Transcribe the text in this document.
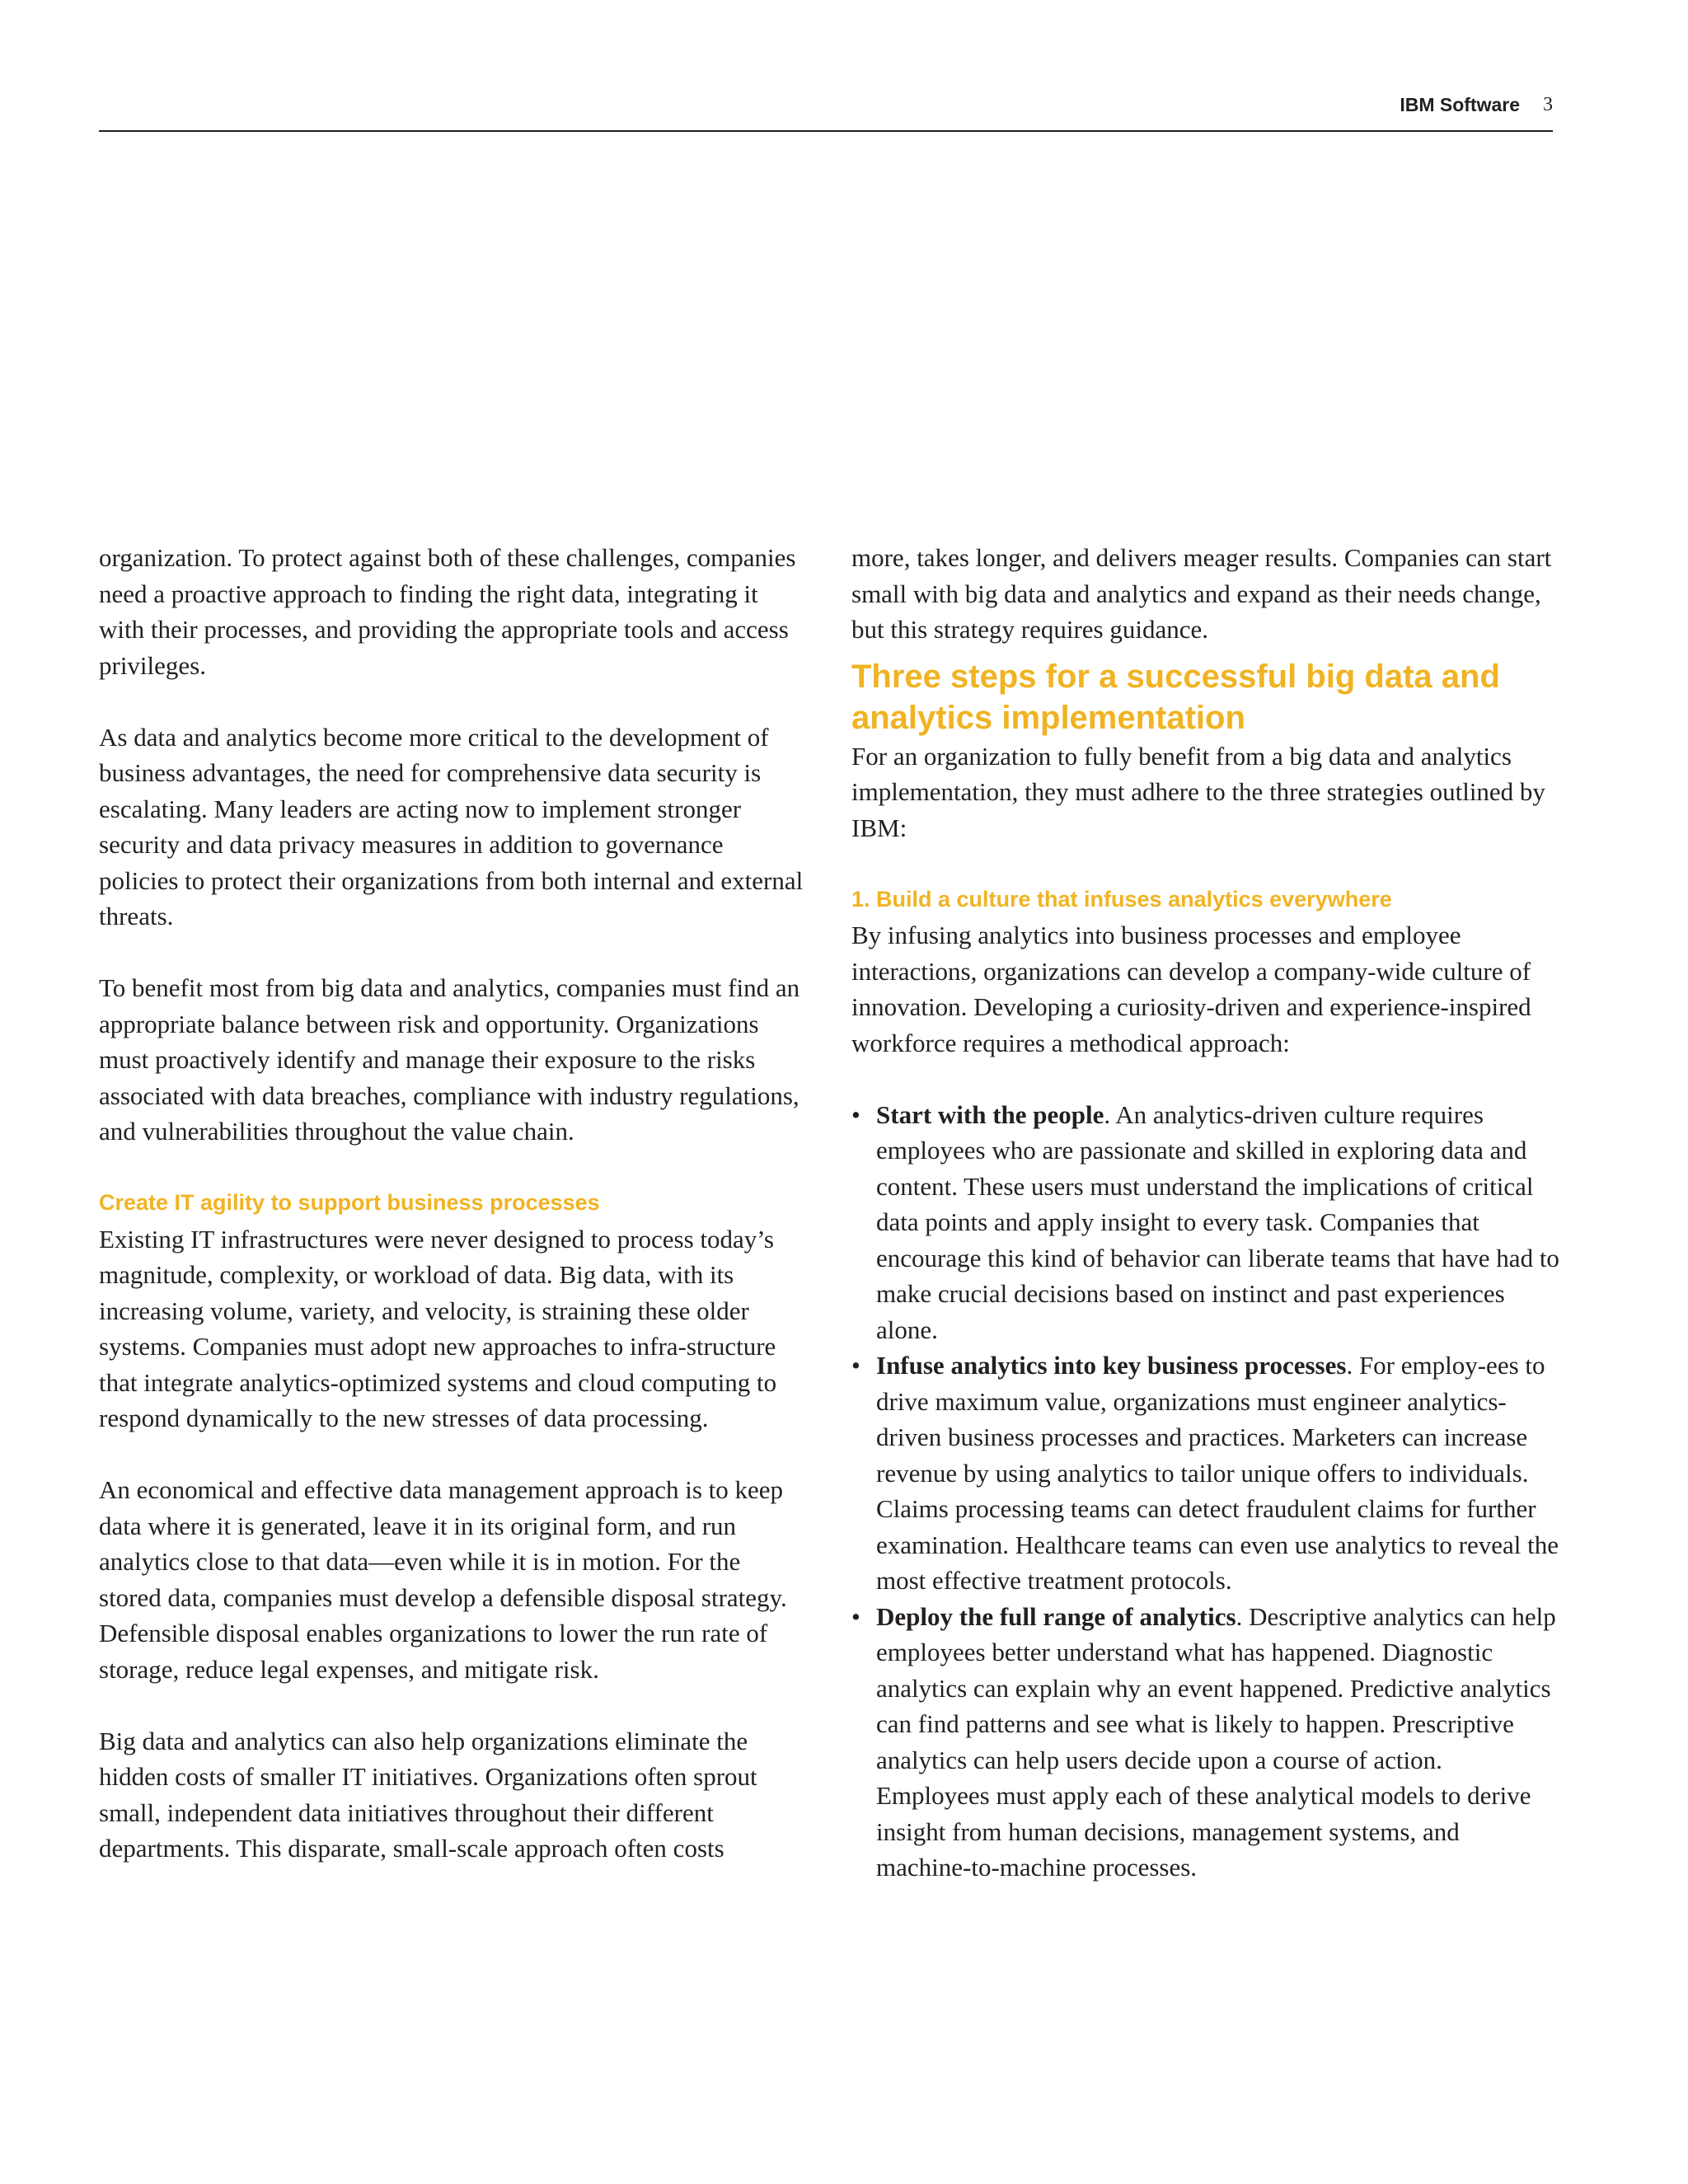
IBM Software 3

organization. To protect against both of these challenges, companies need a proactive approach to finding the right data, integrating it with their processes, and providing the appropriate tools and access privileges.

As data and analytics become more critical to the development of business advantages, the need for comprehensive data security is escalating. Many leaders are acting now to implement stronger security and data privacy measures in addition to governance policies to protect their organizations from both internal and external threats.

To benefit most from big data and analytics, companies must find an appropriate balance between risk and opportunity. Organizations must proactively identify and manage their exposure to the risks associated with data breaches, compliance with industry regulations, and vulnerabilities throughout the value chain.

Create IT agility to support business processes

Existing IT infrastructures were never designed to process today’s magnitude, complexity, or workload of data. Big data, with its increasing volume, variety, and velocity, is straining these older systems. Companies must adopt new approaches to infra-structure that integrate analytics-optimized systems and cloud computing to respond dynamically to the new stresses of data processing.

An economical and effective data management approach is to keep data where it is generated, leave it in its original form, and run analytics close to that data—even while it is in motion. For the stored data, companies must develop a defensible disposal strategy. Defensible disposal enables organizations to lower the run rate of storage, reduce legal expenses, and mitigate risk.

Big data and analytics can also help organizations eliminate the hidden costs of smaller IT initiatives. Organizations often sprout small, independent data initiatives throughout their different departments. This disparate, small-scale approach often costs

more, takes longer, and delivers meager results. Companies can start small with big data and analytics and expand as their needs change, but this strategy requires guidance.

Three steps for a successful big data and analytics implementation

For an organization to fully benefit from a big data and analytics implementation, they must adhere to the three strategies outlined by IBM:

1. Build a culture that infuses analytics everywhere

By infusing analytics into business processes and employee interactions, organizations can develop a company-wide culture of innovation. Developing a curiosity-driven and experience-inspired workforce requires a methodical approach:

• Start with the people. An analytics-driven culture requires employees who are passionate and skilled in exploring data and content. These users must understand the implications of critical data points and apply insight to every task. Companies that encourage this kind of behavior can liberate teams that have had to make crucial decisions based on instinct and past experiences alone.
• Infuse analytics into key business processes. For employ-ees to drive maximum value, organizations must engineer analytics-driven business processes and practices. Marketers can increase revenue by using analytics to tailor unique offers to individuals. Claims processing teams can detect fraudulent claims for further examination. Healthcare teams can even use analytics to reveal the most effective treatment protocols.
• Deploy the full range of analytics. Descriptive analytics can help employees better understand what has happened. Diagnostic analytics can explain why an event happened. Predictive analytics can find patterns and see what is likely to happen. Prescriptive analytics can help users decide upon a course of action. Employees must apply each of these analytical models to derive insight from human decisions, management systems, and machine-to-machine processes.
